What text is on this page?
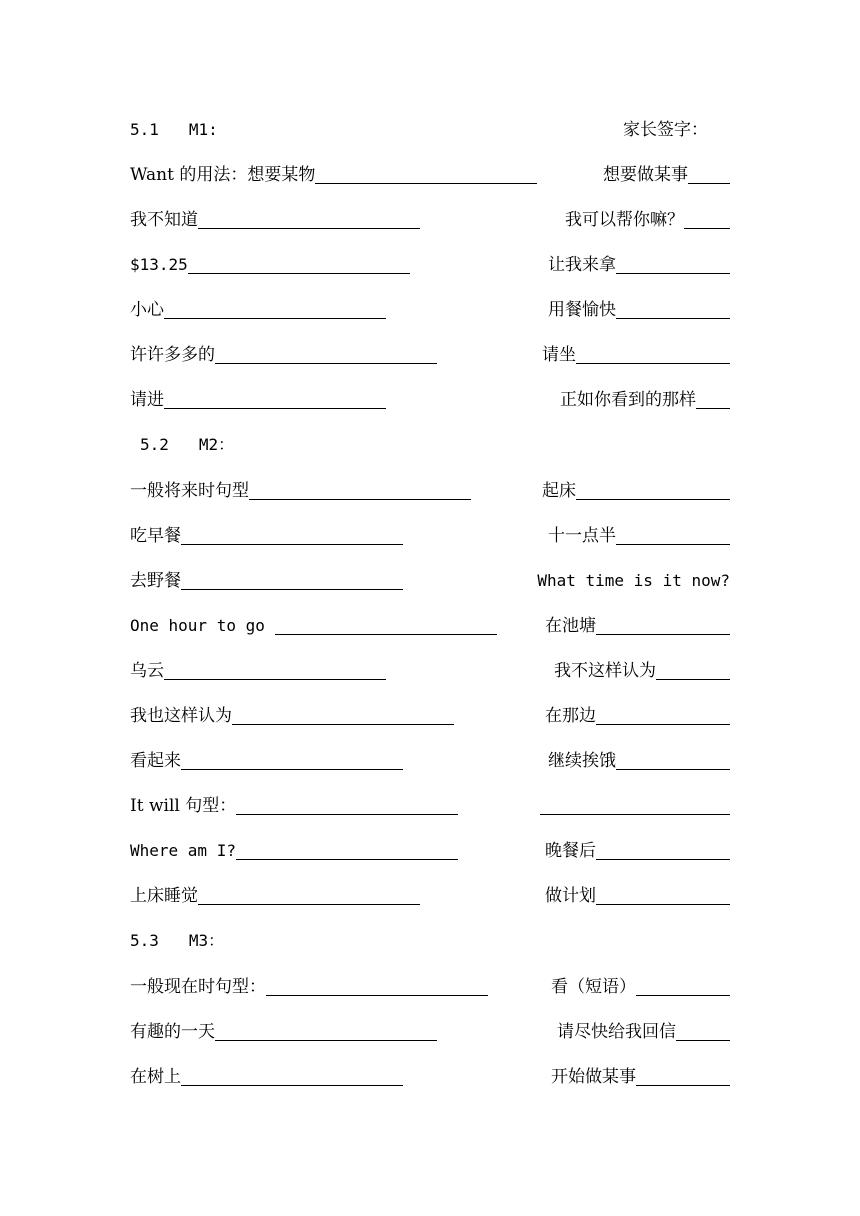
5.1 M1:	家长签字：
Want 的用法：想要某物	想要做某事
我不知道	我可以帮你嘛？
$13.25	让我来拿
小心	用餐愉快
许许多多的	请坐
请进	正如你看到的那样
5.2 M2：
一般将来时句型	起床
吃早餐	十一点半
去野餐	What time is it now?
One hour to go	在池塘
乌云	我不这样认为
我也这样认为	在那边
看起来	继续挨饿
It will 句型：
Where am I?	晚餐后
上床睡觉	做计划
5.3 M3：
一般现在时句型：	看（短语）
有趣的一天	请尽快给我回信
在树上	开始做某事
